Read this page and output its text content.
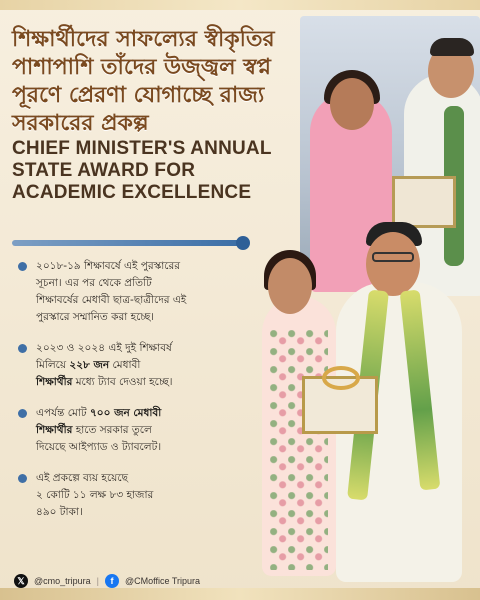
শিক্ষার্থীদের সাফল্যের স্বীকৃতির
পাশাপাশি তাঁদের উজ্জ্বল স্বপ্ন
পূরণে প্রেরণা যোগাচ্ছে রাজ্য
সরকারের প্রকল্প
CHIEF MINISTER'S ANNUAL
STATE AWARD FOR
ACADEMIC EXCELLENCE
২০১৮-১৯ শিক্ষাবর্ষে এই পুরস্কারের
সূচনা। এর পর থেকে প্রতিটি
শিক্ষাবর্ষের মেধাবী ছাত্র-ছাত্রীদের এই
পুরস্কারে সম্মানিত করা হচ্ছে।
২০২৩ ও ২০২৪ এই দুই শিক্ষাবর্ষ
মিলিয়ে ২২৮ জন মেধাবী
শিক্ষার্থীর মধ্যে ট্যাব দেওয়া হচ্ছে।
এপর্যন্ত মোট ৭০০ জন মেধাবী
শিক্ষার্থীর হাতে সরকার তুলে
দিয়েছে আইপ্যাড ও ট্যাবলেট।
এই প্রকল্পে ব্যয় হয়েছে
২ কোটি ১১ লক্ষ ৮৩ হাজার
৪৯০ টাকা।
𝕏	@cmo_tripura |	f	@CMoffice Tripura
